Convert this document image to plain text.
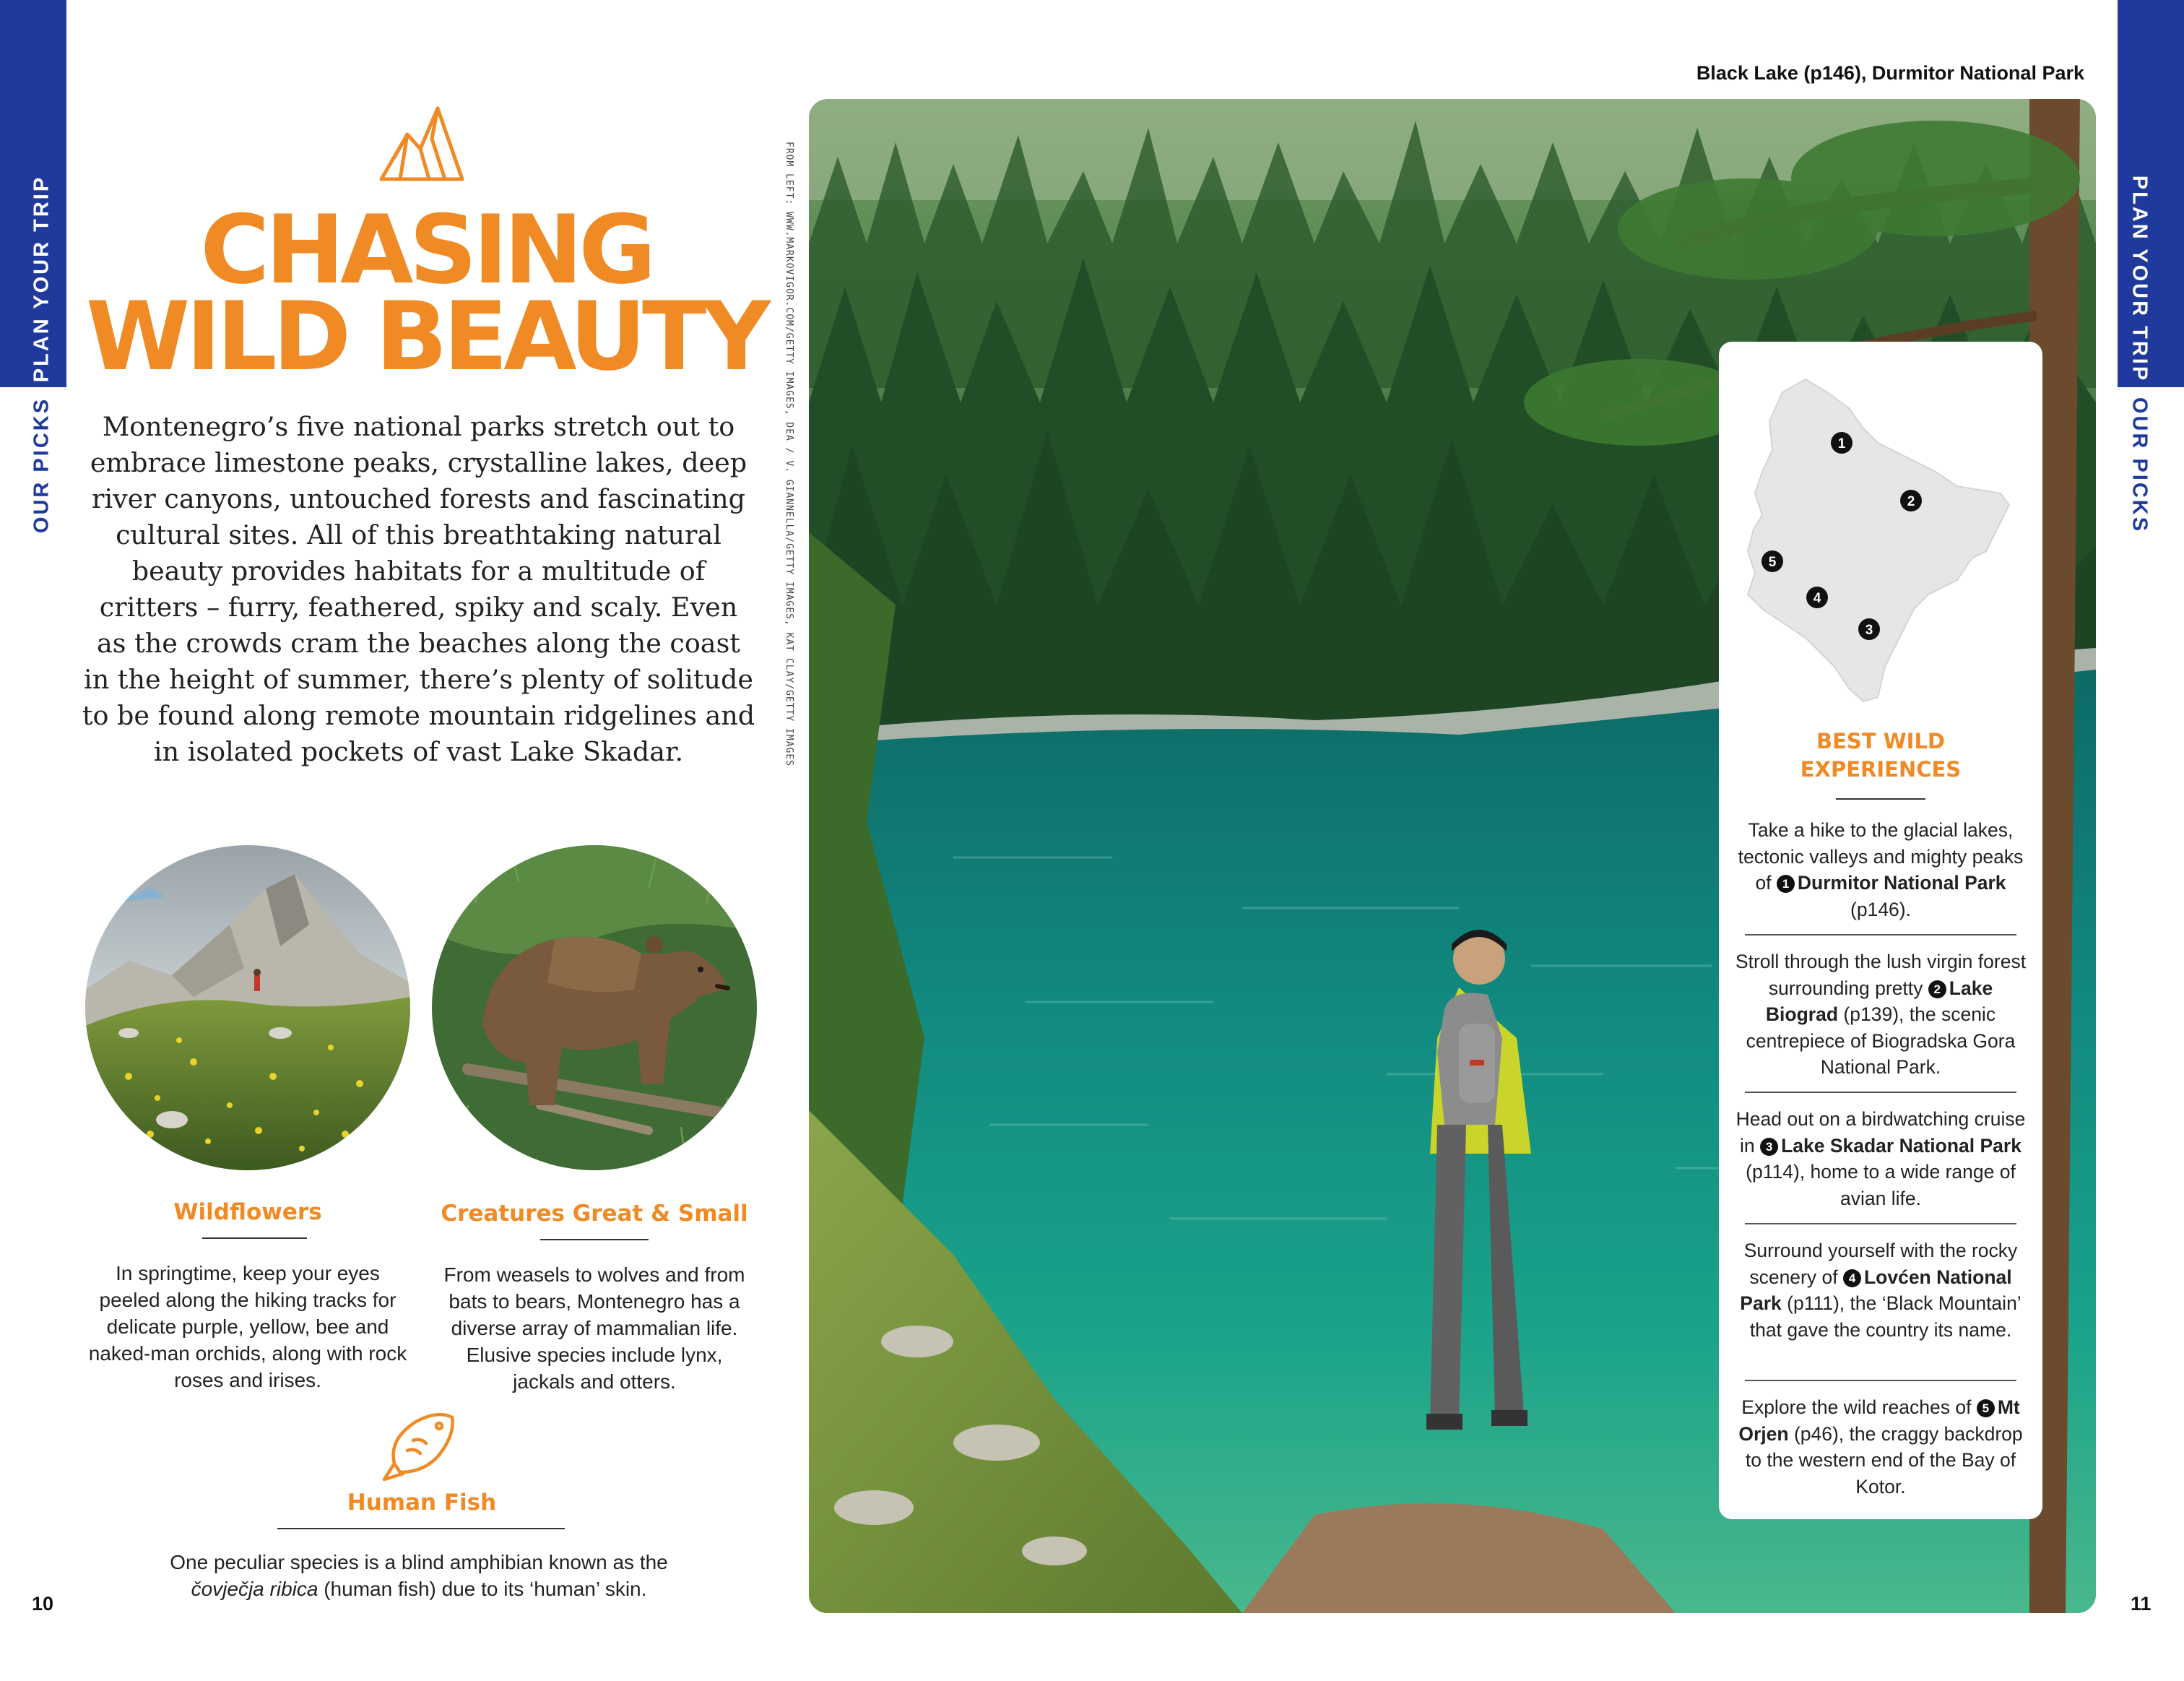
PLAN YOUR TRIP
OUR PICKS
PLAN YOUR TRIP
OUR PICKS
CHASING
WILD BEAUTY
Montenegro’s five national parks stretch out to embrace limestone peaks, crystalline lakes, deep river canyons, untouched forests and fascinating cultural sites. All of this breathtaking natural beauty provides habitats for a multitude of critters – furry, feathered, spiky and scaly. Even as the crowds cram the beaches along the coast in the height of summer, there’s plenty of solitude to be found along remote mountain ridgelines and in isolated pockets of vast Lake Skadar.
Wildflowers
In springtime, keep your eyes peeled along the hiking tracks for delicate purple, yellow, bee and naked-man orchids, along with rock roses and irises.
Creatures Great & Small
From weasels to wolves and from bats to bears, Montenegro has a diverse array of mammalian life. Elusive species include lynx, jackals and otters.
Human Fish
One peculiar species is a blind amphibian known as the čovječja ribica (human fish) due to its ‘human’ skin.
FROM LEFT: WWW.MARKOVIGOR.COM/GETTY IMAGES, DEA / V. GIANNELLA/GETTY IMAGES, KAT CLAY/GETTY IMAGES
Black Lake (p146), Durmitor National Park
1
2
3
4
5
BEST WILD
EXPERIENCES
Take a hike to the glacial lakes, tectonic valleys and mighty peaks of 1 Durmitor National Park (p146).
Stroll through the lush virgin forest surrounding pretty 2 Lake Biograd (p139), the scenic centrepiece of Biogradska Gora National Park.
Head out on a birdwatching cruise in 3 Lake Skadar National Park (p114), home to a wide range of avian life.
Surround yourself with the rocky scenery of 4 Lovćen National Park (p111), the ‘Black Mountain’ that gave the country its name.
Explore the wild reaches of 5 Mt Orjen (p46), the craggy backdrop to the western end of the Bay of Kotor.
10	11
